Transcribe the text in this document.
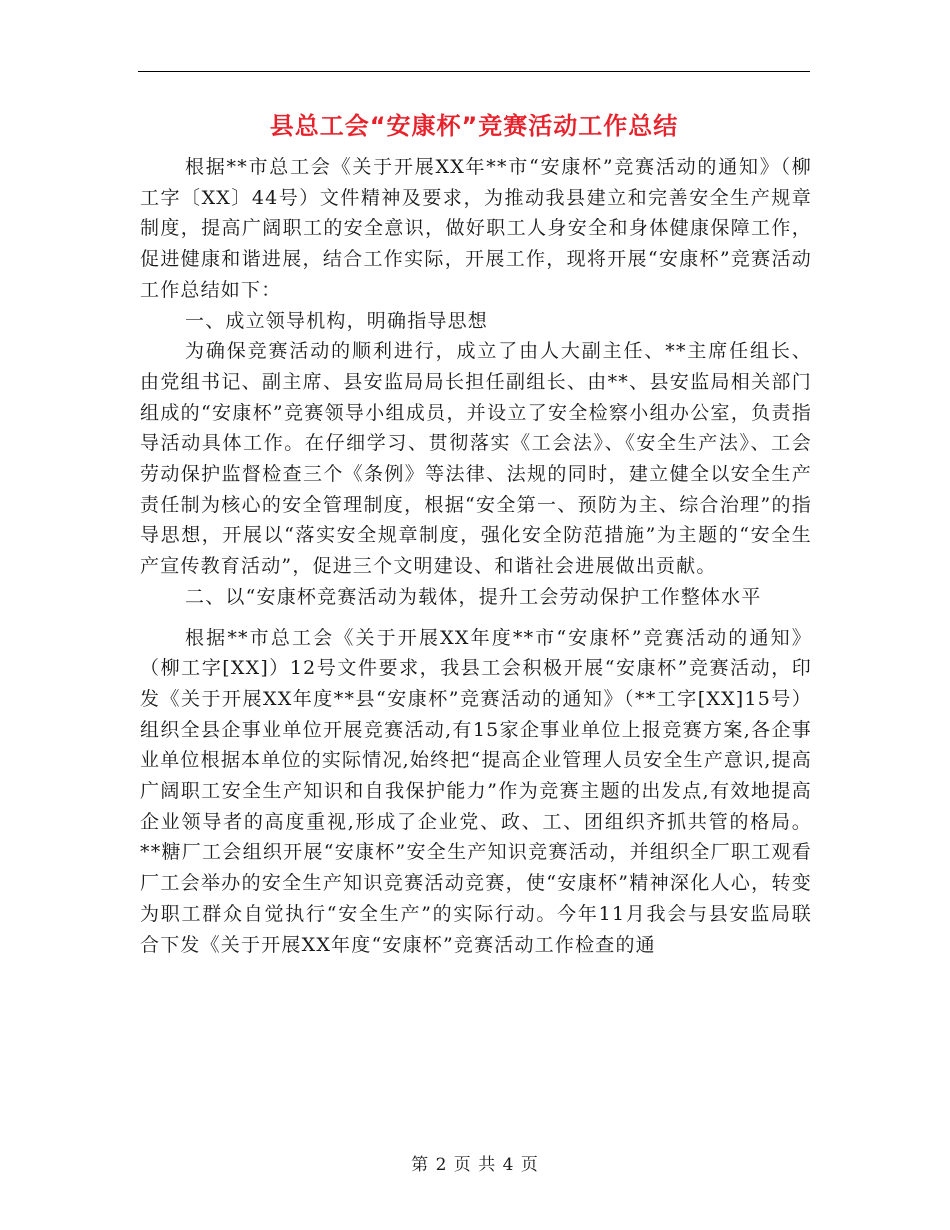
县总工会“安康杯”竞赛活动工作总结

根据**市总工会《关于开展XX年**市“安康杯”竞赛活动的通知》（柳工字〔XX〕44号）文件精神及要求，为推动我县建立和完善安全生产规章制度，提高广阔职工的安全意识，做好职工人身安全和身体健康保障工作，促进健康和谐进展，结合工作实际，开展工作，现将开展“安康杯”竞赛活动工作总结如下：

一、成立领导机构，明确指导思想

为确保竞赛活动的顺利进行，成立了由人大副主任、**主席任组长、由党组书记、副主席、县安监局局长担任副组长、由**、县安监局相关部门组成的“安康杯”竞赛领导小组成员，并设立了安全检察小组办公室，负责指导活动具体工作。在仔细学习、贯彻落实《工会法》、《安全生产法》、工会劳动保护监督检查三个《条例》等法律、法规的同时，建立健全以安全生产责任制为核心的安全管理制度，根据“安全第一、预防为主、综合治理”的指导思想，开展以“落实安全规章制度，强化安全防范措施”为主题的“安全生产宣传教育活动”，促进三个文明建设、和谐社会进展做出贡献。

二、以“安康杯竞赛活动为载体，提升工会劳动保护工作整体水平

根据**市总工会《关于开展XX年度**市“安康杯”竞赛活动的通知》（柳工字[XX]）12号文件要求，我县工会积极开展“安康杯”竞赛活动，印发《关于开展XX年度**县“安康杯”竞赛活动的通知》（**工字[XX]15号）组织全县企事业单位开展竞赛活动,有15家企事业单位上报竞赛方案,各企事业单位根据本单位的实际情况,始终把“提高企业管理人员安全生产意识,提高广阔职工安全生产知识和自我保护能力”作为竞赛主题的出发点,有效地提高企业领导者的高度重视,形成了企业党、政、工、团组织齐抓共管的格局。**糖厂工会组织开展“安康杯”安全生产知识竞赛活动，并组织全厂职工观看厂工会举办的安全生产知识竞赛活动竞赛，使“安康杯”精神深化人心，转变为职工群众自觉执行“安全生产”的实际行动。今年11月我会与县安监局联合下发《关于开展XX年度“安康杯”竞赛活动工作检查的通

第 2 页 共 4 页
